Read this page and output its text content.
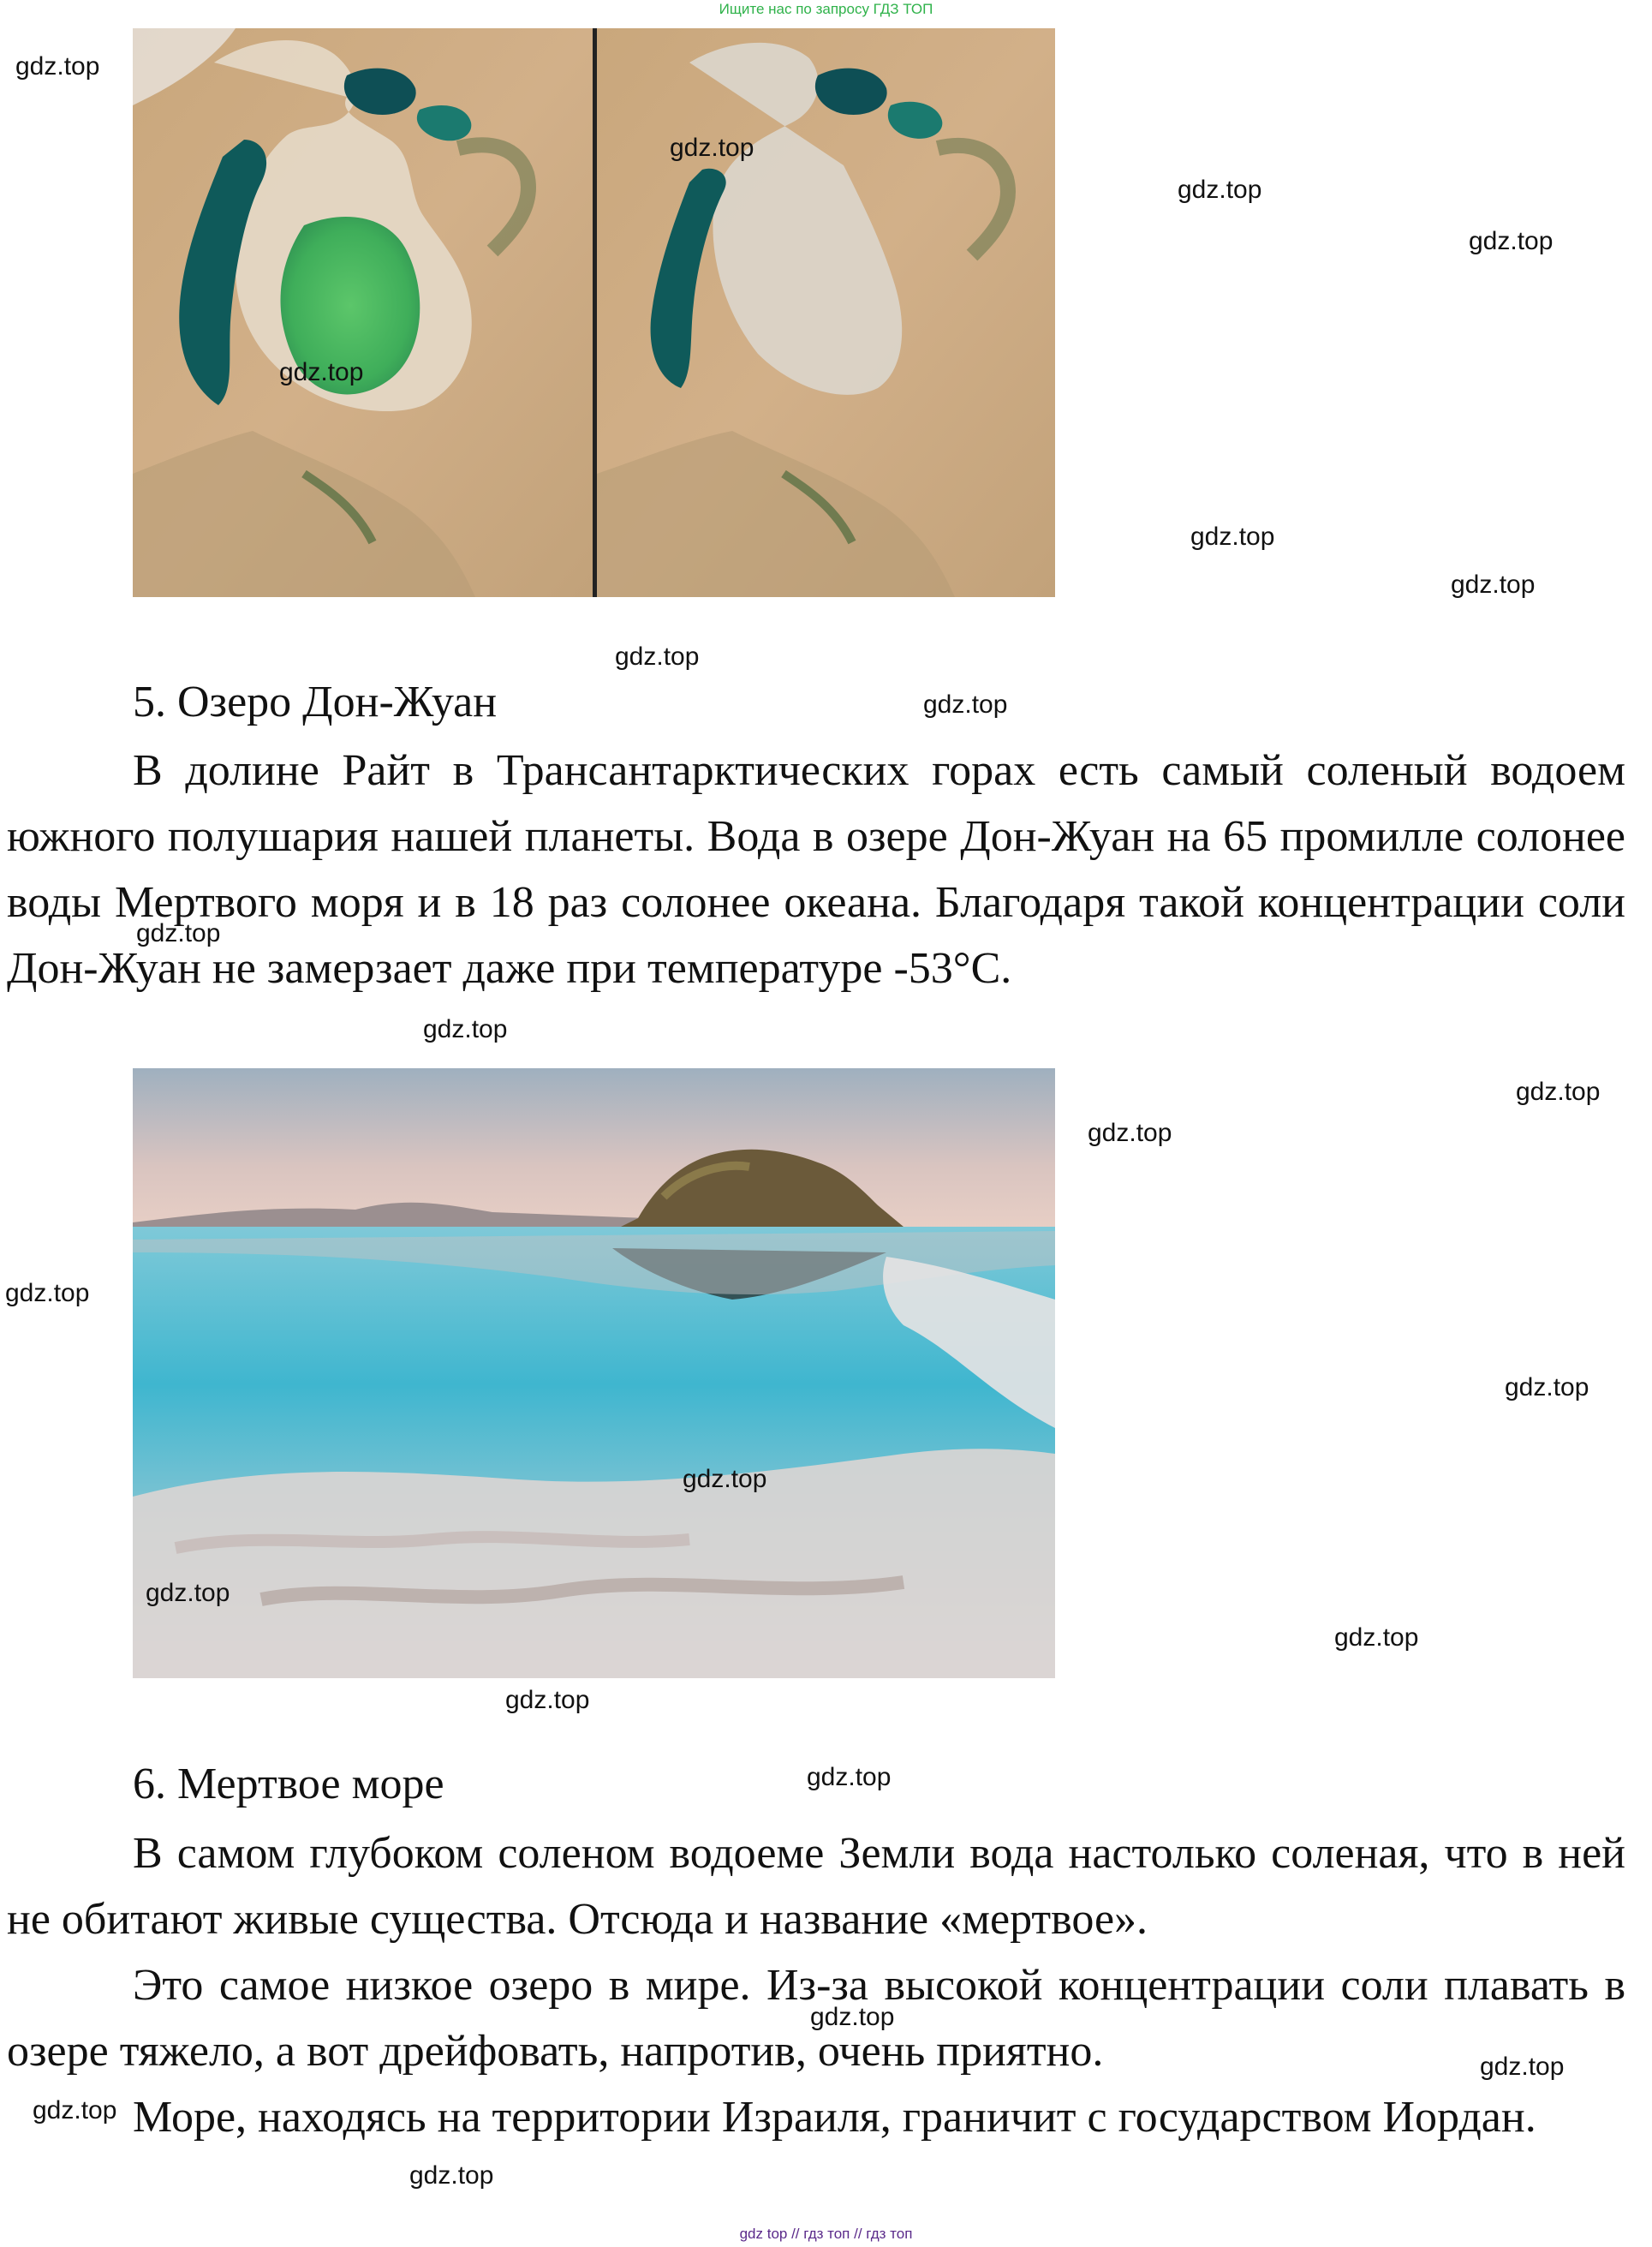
Ищите нас по запросу ГДЗ ТОП
5. Озеро Дон-Жуан

В долине Райт в Трансантарктических горах есть самый соленый водоем южного полушария нашей планеты. Вода в озере Дон-Жуан на 65 промилле солонее воды Мертвого моря и в 18 раз солонее океана. Благодаря такой концентрации соли Дон-Жуан не замерзает даже при температуре -53°С.

6. Мертвое море

В самом глубоком соленом водоеме Земли вода настолько соленая, что в ней не обитают живые существа. Отсюда и название «мертвое».

Это самое низкое озеро в мире. Из-за высокой концентрации соли плавать в озере тяжело, а вот дрейфовать, напротив, очень приятно.

Море, находясь на территории Израиля, граничит с государством Иордан.

gdz.top
gdz.top
gdz.top
gdz.top
gdz.top
gdz.top
gdz.top
gdz.top
gdz.top
gdz.top
gdz.top
gdz.top
gdz.top
gdz.top
gdz.top
gdz.top
gdz.top
gdz.top
gdz.top
gdz.top
gdz.top
gdz.top
gdz.top
gdz.top
gdz top // гдз топ // гдз топ
